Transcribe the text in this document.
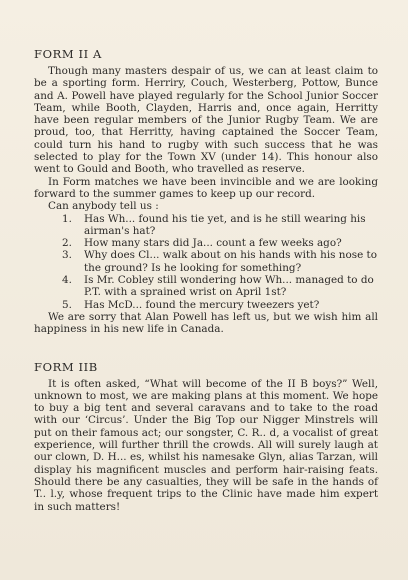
FORM II A

Though many masters despair of us, we can at least claim to be a sporting form. Herriry, Couch, Westerberg, Pottow, Bunce and A. Powell have played regularly for the School Junior Soccer Team, while Booth, Clayden, Harris and, once again, Herritty have been regular members of the Junior Rugby Team. We are proud, too, that Herritty, having captained the Soccer Team, could turn his hand to rugby with such success that he was selected to play for the Town XV (under 14). This honour also went to Gould and Booth, who travelled as reserve.

In Form matches we have been invincible and we are looking forward to the summer games to keep up our record.

Can anybody tell us :

1. Has Wh... found his tie yet, and is he still wearing his airman's hat?
2. How many stars did Ja... count a few weeks ago?
3. Why does Cl... walk about on his hands with his nose to the ground? Is he looking for something?
4. Is Mr. Cobley still wondering how Wh... managed to do P.T. with a sprained wrist on April 1st?
5. Has McD... found the mercury tweezers yet?

We are sorry that Alan Powell has left us, but we wish him all happiness in his new life in Canada.

FORM IIB

It is often asked, “What will become of the II B boys?” Well, unknown to most, we are making plans at this moment. We hope to buy a big tent and several caravans and to take to the road with our ‘Circus’. Under the Big Top our Nigger Minstrels will put on their famous act; our songster, C. R.. d, a vocalist of great experience, will further thrill the crowds. All will surely laugh at our clown, D. H... es, whilst his namesake Glyn, alias Tarzan, will display his magnificent muscles and perform hair-raising feats. Should there be any casualties, they will be safe in the hands of T.. l.y, whose frequent trips to the Clinic have made him expert in such matters!
